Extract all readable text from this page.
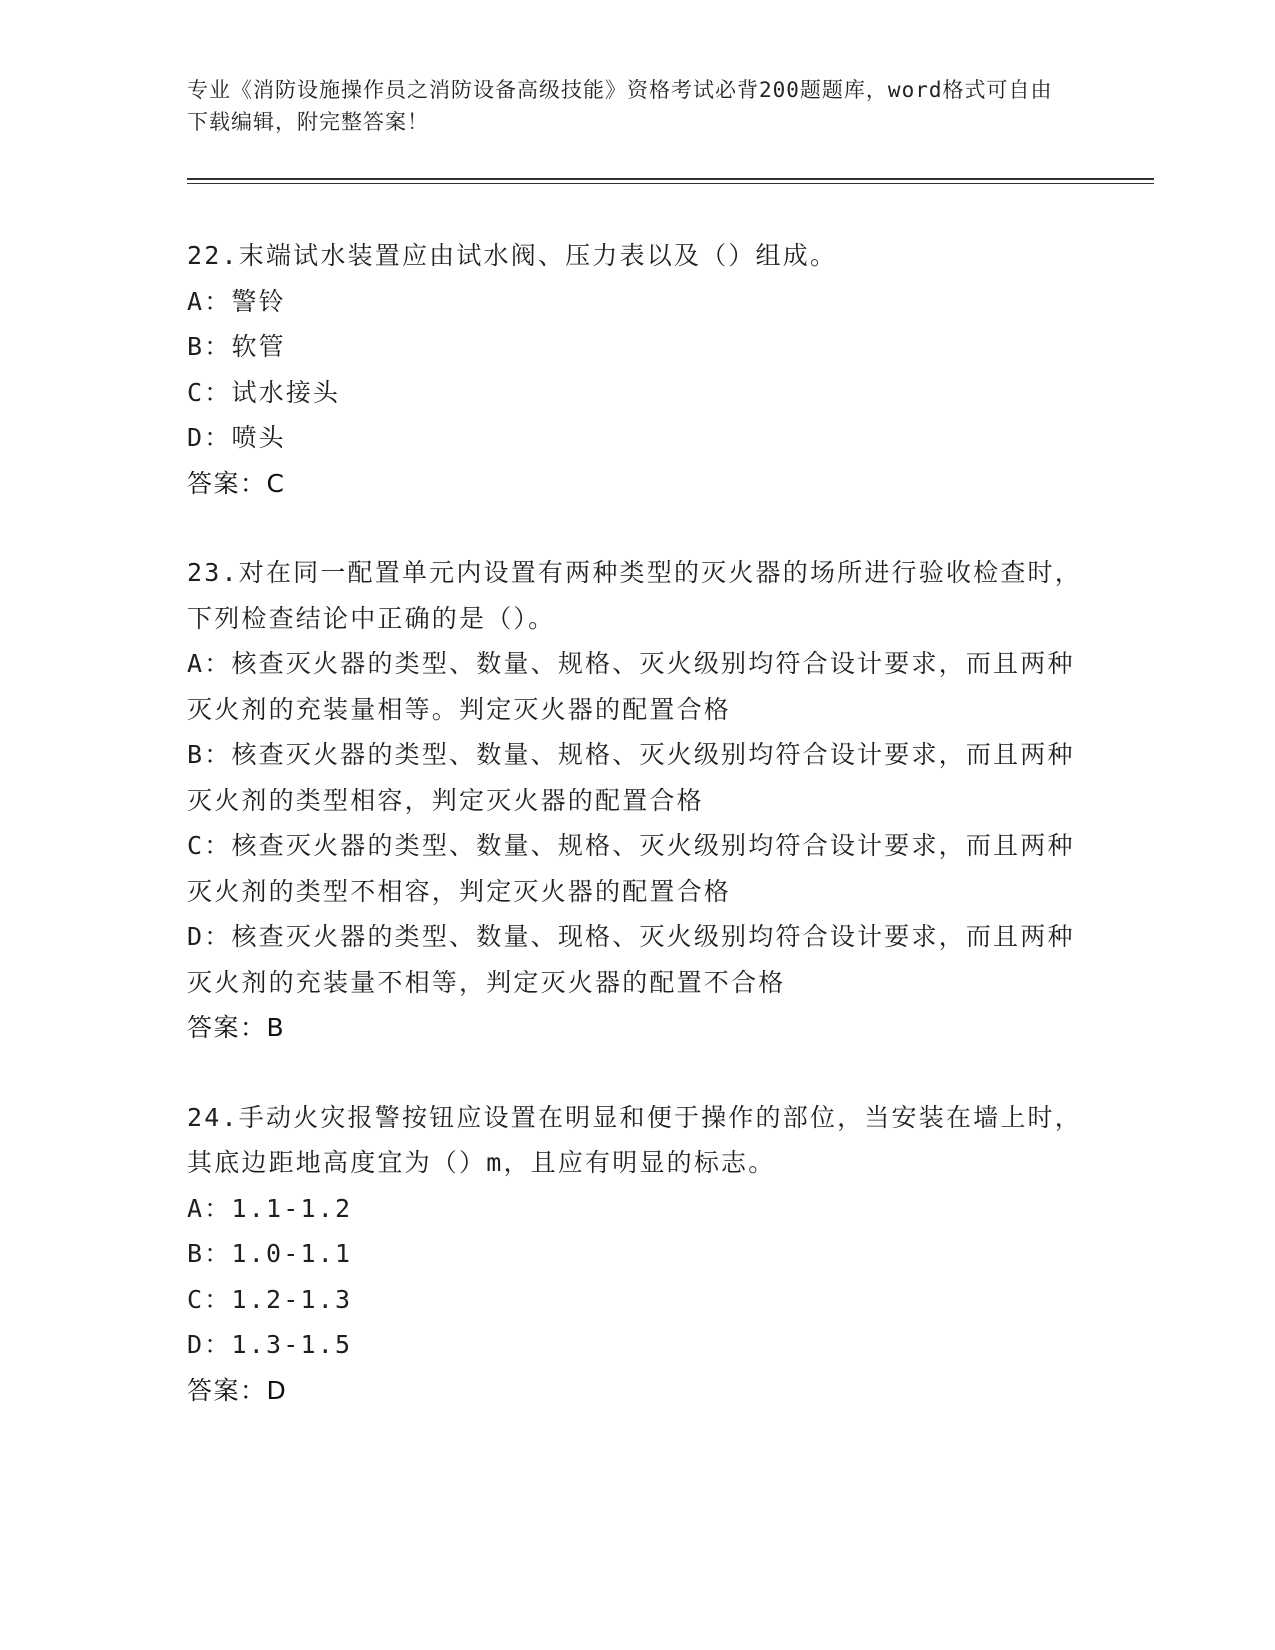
专业《消防设施操作员之消防设备高级技能》资格考试必背200题题库，word格式可自由下载编辑，附完整答案！
22.末端试水装置应由试水阀、压力表以及（）组成。
A：警铃
B：软管
C：试水接头
D：喷头
答案：C
23.对在同一配置单元内设置有两种类型的灭火器的场所进行验收检查时，下列检查结论中正确的是（）。
A：核查灭火器的类型、数量、规格、灭火级别均符合设计要求，而且两种灭火剂的充装量相等。判定灭火器的配置合格
B：核查灭火器的类型、数量、规格、灭火级别均符合设计要求，而且两种灭火剂的类型相容，判定灭火器的配置合格
C：核查灭火器的类型、数量、规格、灭火级别均符合设计要求，而且两种灭火剂的类型不相容，判定灭火器的配置合格
D：核查灭火器的类型、数量、现格、灭火级别均符合设计要求，而且两种灭火剂的充装量不相等，判定灭火器的配置不合格
答案：B
24.手动火灾报警按钮应设置在明显和便于操作的部位，当安装在墙上时，其底边距地高度宜为（）m，且应有明显的标志。
A：1.1-1.2
B：1.0-1.1
C：1.2-1.3
D：1.3-1.5
答案：D
